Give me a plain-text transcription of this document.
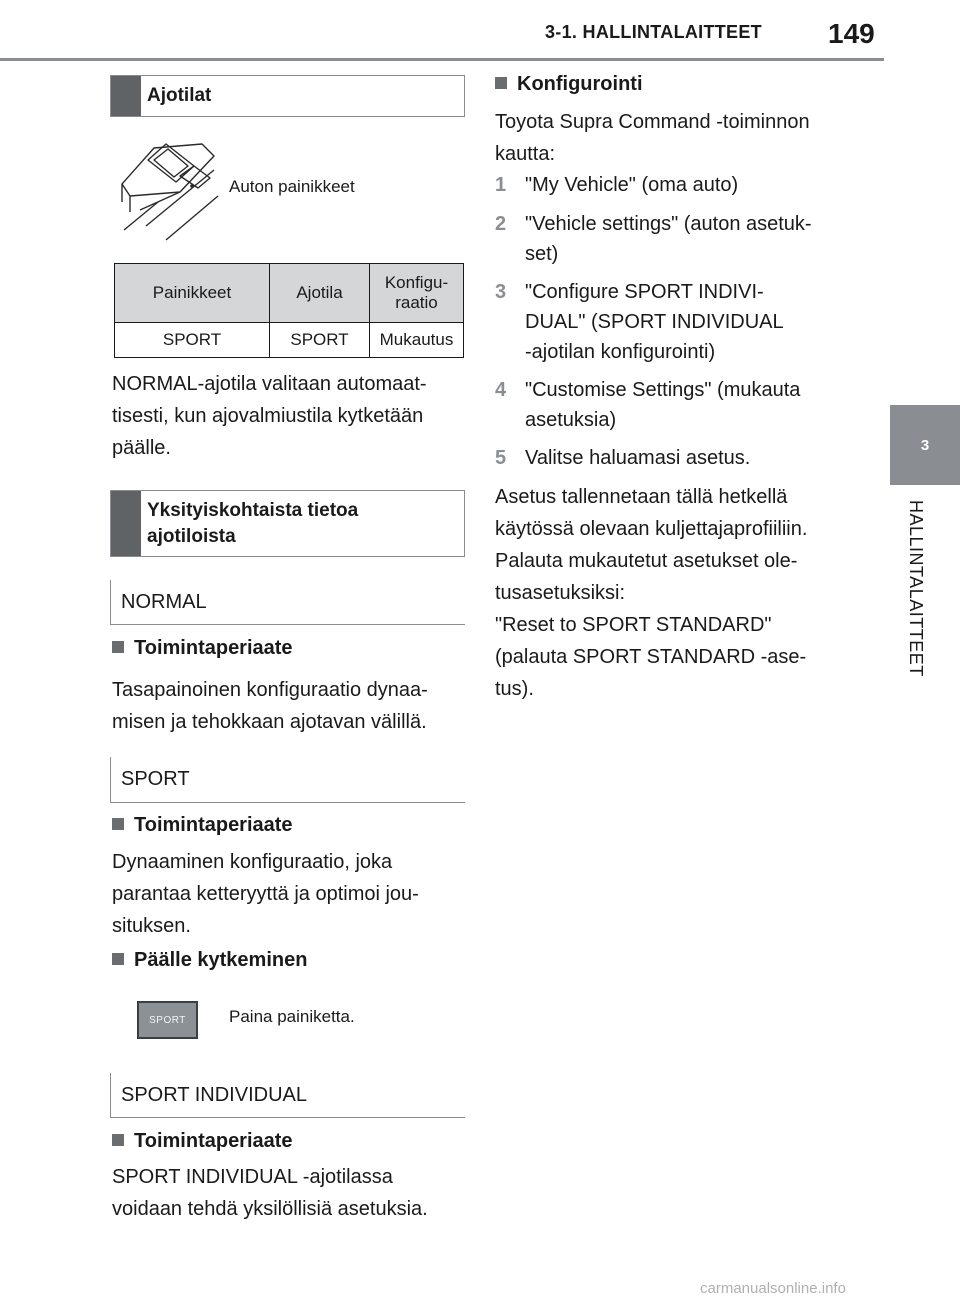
3-1. HALLINTALAITTEET 149
3
HALLINTALAITTEET
Ajotilat
Auton painikkeet
Painikkeet	Ajotila	Konfigu-
raatio
SPORT	SPORT	Mukautus
NORMAL-ajotila valitaan automaat-
tisesti, kun ajovalmiustila kytketään
päälle.
Yksityiskohtaista tietoa
ajotiloista
NORMAL
Toimintaperiaate
Tasapainoinen konfiguraatio dynaa-
misen ja tehokkaan ajotavan välillä.
SPORT
Toimintaperiaate
Dynaaminen konfiguraatio, joka
parantaa ketteryyttä ja optimoi jou-
situksen.
Päälle kytkeminen
SPORT	Paina painiketta.
SPORT INDIVIDUAL
Toimintaperiaate
SPORT INDIVIDUAL -ajotilassa
voidaan tehdä yksilöllisiä asetuksia.
Konfigurointi
Toyota Supra Command -toiminnon
kautta:
1 "My Vehicle" (oma auto)
2 "Vehicle settings" (auton asetuk-
set)
3 "Configure SPORT INDIVI-
DUAL" (SPORT INDIVIDUAL
-ajotilan konfigurointi)
4 "Customise Settings" (mukauta
asetuksia)
5 Valitse haluamasi asetus.
Asetus tallennetaan tällä hetkellä
käytössä olevaan kuljettajaprofiiliin.
Palauta mukautetut asetukset ole-
tusasetuksiksi:
"Reset to SPORT STANDARD"
(palauta SPORT STANDARD -ase-
tus).
carmanualsonline.info
